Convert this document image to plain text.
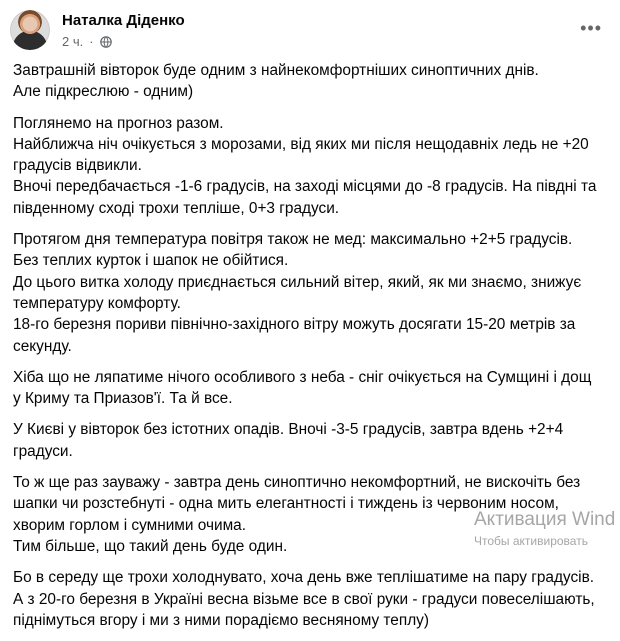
Наталка Діденко
2 ч. ·
•••

Завтрашній вівторок буде одним з найнекомфортніших синоптичних днів.
Але підкреслюю - одним)

Поглянемо на прогноз разом.
Найближча ніч очікується з морозами, від яких ми після нещодавніх ледь не +20
градусів відвикли.
Вночі передбачається -1-6 градусів, на заході місцями до -8 градусів. На півдні та
південному сході трохи тепліше, 0+3 градуси.

Протягом дня температура повітря також не мед: максимально +2+5 градусів.
Без теплих курток і шапок не обійтися.
До цього витка холоду приєднається сильний вітер, який, як ми знаємо, знижує
температуру комфорту.
18-го березня пориви північно-західного вітру можуть досягати 15-20 метрів за
секунду.

Хіба що не ляпатиме нічого особливого з неба - сніг очікується на Сумщині і дощ
у Криму та Приазов'ї. Та й все.

У Києві у вівторок без істотних опадів. Вночі -3-5 градусів, завтра вдень +2+4
градуси.

То ж ще раз зауважу - завтра день синоптично некомфортний, не вискочіть без
шапки чи розстебнуті - одна мить елегантності і тиждень із червоним носом,
хворим горлом і сумними очима.
Тим більше, що такий день буде один.

Бо в середу ще трохи холоднувато, хоча день вже теплішатиме на пару градусів.
А з 20-го березня в Україні весна візьме все в свої руки - градуси повеселішають,
піднімуться вгору і ми з ними порадіємо весняному теплу)

Активация Wind
Чтобы активировать
